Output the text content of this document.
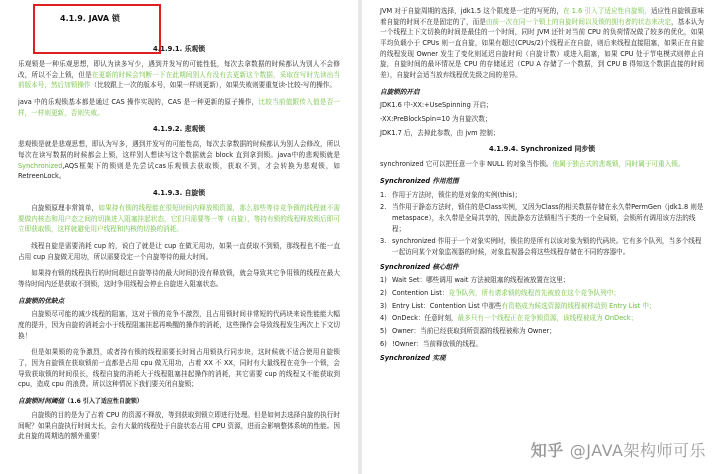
4.1.9. JAVA 锁
4.1.9.1. 乐观锁

乐观锁是一种乐观思想，即认为读多写少，遇到并发写的可能性低，每次去拿数据的时候都认为别人不会修改，所以不会上锁，但是在更新的时候会判断一下在此期间别人有没有去更新这个数据，采取在写时先读出当前版本号，然后加锁操作（比较跟上一次的版本号，如果一样则更新），如果失败则要重复读-比较-写的操作。

java 中的乐观锁基本都是通过 CAS 操作实现的，CAS 是一种更新的原子操作，比较当前值跟传入值是否一样，一样则更新，否则失败。

4.1.9.2. 悲观锁

悲观锁是就是悲观思想，即认为写多，遇到并发写的可能性高，每次去拿数据的时候都认为别人会修改，所以每次在读写数据的时候都会上锁，这样别人想读写这个数据就会 block 直到拿到锁。java中的悲观锁就是Synchronized,AQS框架下的锁则是先尝试cas乐观锁去获取锁，获取不到，才会转换为悲观锁，如 RetreenLock。

4.1.9.3. 自旋锁

自旋锁原理非常简单，如果持有锁的线程能在很短时间内释放锁资源，那么那些等待竞争锁的线程就不需要做内核态和用户态之间的切换进入阻塞挂起状态，它们只需要等一等（自旋），等持有锁的线程释放锁后即可立即获取锁，这样就避免用户线程和内核的切换的消耗。

线程自旋是需要消耗 cup 的，说白了就是让 cup 在做无用功，如果一直获取不到锁，那线程也不能一直占用 cup 自旋做无用功，所以需要设定一个自旋等待的最大时间。

如果持有锁的线程执行的时间超过自旋等待的最大时间扔没有释放锁，就会导致其它争用锁的线程在最大等待时间内还是获取不到锁，这时争用线程会停止自旋进入阻塞状态。

自旋锁的优缺点

自旋锁尽可能的减少线程的阻塞，这对于锁的竞争不激烈，且占用锁时间非常短的代码块来说性能能大幅度的提升，因为自旋的消耗会小于线程阻塞挂起再唤醒的操作的消耗，这些操作会导致线程发生两次上下文切换！

但是如果锁的竞争激烈，或者持有锁的线程需要长时间占用锁执行同步块，这时候就不适合使用自旋锁了，因为自旋锁在获取锁前一直都是占用 cpu 做无用功，占着 XX 不 XX，同时有大量线程在竞争一个锁，会导致获取锁的时间很长，线程自旋的消耗大于线程阻塞挂起操作的消耗，其它需要 cup 的线程又不能获取到 cpu，造成 cpu 的浪费。所以这种情况下我们要关闭自旋锁；

自旋锁时间阈值（1.6 引入了适应性自旋锁）

自旋锁的目的是为了占着 CPU 的资源不释放，等到获取到锁立即进行处理。但是如何去选择自旋的执行时间呢？如果自旋执行时间太长，会有大量的线程处于自旋状态占用 CPU 资源，进而会影响整体系统的性能。因此自旋的周期选的额外重要！

JVM 对于自旋周期的选择，jdk1.5 这个限度是一定的写死的，在 1.6 引入了适应性自旋锁，适应性自旋锁意味着自旋的时间不在是固定的了，而是由前一次在同一个锁上的自旋时间以及锁的拥有者的状态来决定，基本认为一个线程上下文切换的时间是最佳的一个时间，同时 JVM 还针对当前 CPU 的负荷情况做了较多的优化，如果平均负载小于 CPUs 则一直自旋，如果有超过(CPUs/2)个线程正在自旋，则后来线程直接阻塞，如果正在自旋的线程发现 Owner 发生了变化则延迟自旋时间（自旋计数）或进入阻塞，如果 CPU 处于节电模式则停止自旋，自旋时间的最坏情况是 CPU 的存储延迟（CPU A 存储了一个数据，到 CPU B 得知这个数据直接的时间差），自旋时会适当放弃线程优先级之间的差异。

自旋锁的开启
JDK1.6 中-XX:+UseSpinning 开启；
-XX:PreBlockSpin=10 为自旋次数；
JDK1.7 后，去掉此参数，由 jvm 控制；
4.1.9.4. Synchronized 同步锁

synchronized 它可以把任意一个非 NULL 的对象当作锁。他属于独占式的悲观锁，同时属于可重入锁。

Synchronized 作用范围
1. 作用于方法时，锁住的是对象的实例(this)；
2. 当作用于静态方法时，锁住的是Class实例，又因为Class的相关数据存储在永久带PermGen（jdk1.8 则是 metaspace），永久带是全局共享的，因此静态方法锁相当于类的一个全局锁，会锁所有调用该方法的线程；
3. synchronized 作用于一个对象实例时，锁住的是所有以该对象为锁的代码块。它有多个队列，当多个线程一起访问某个对象监视器的时候，对象监视器会将这些线程存储在不同的容器中。
Synchronized 核心组件
1) Wait Set：哪些调用 wait 方法被阻塞的线程被放置在这里；
2) Contention List：竞争队列，所有请求锁的线程首先被放在这个竞争队列中；
3) Entry List：Contention List 中那些有资格成为候选资源的线程被移动到 Entry List 中；
4) OnDeck：任意时刻，最多只有一个线程正在竞争锁资源，该线程被成为 OnDeck；
5) Owner：当前已经获取到所资源的线程被称为 Owner；
6) !Owner：当前释放锁的线程。
Synchronized 实现
知乎 @JAVA架构师可乐
